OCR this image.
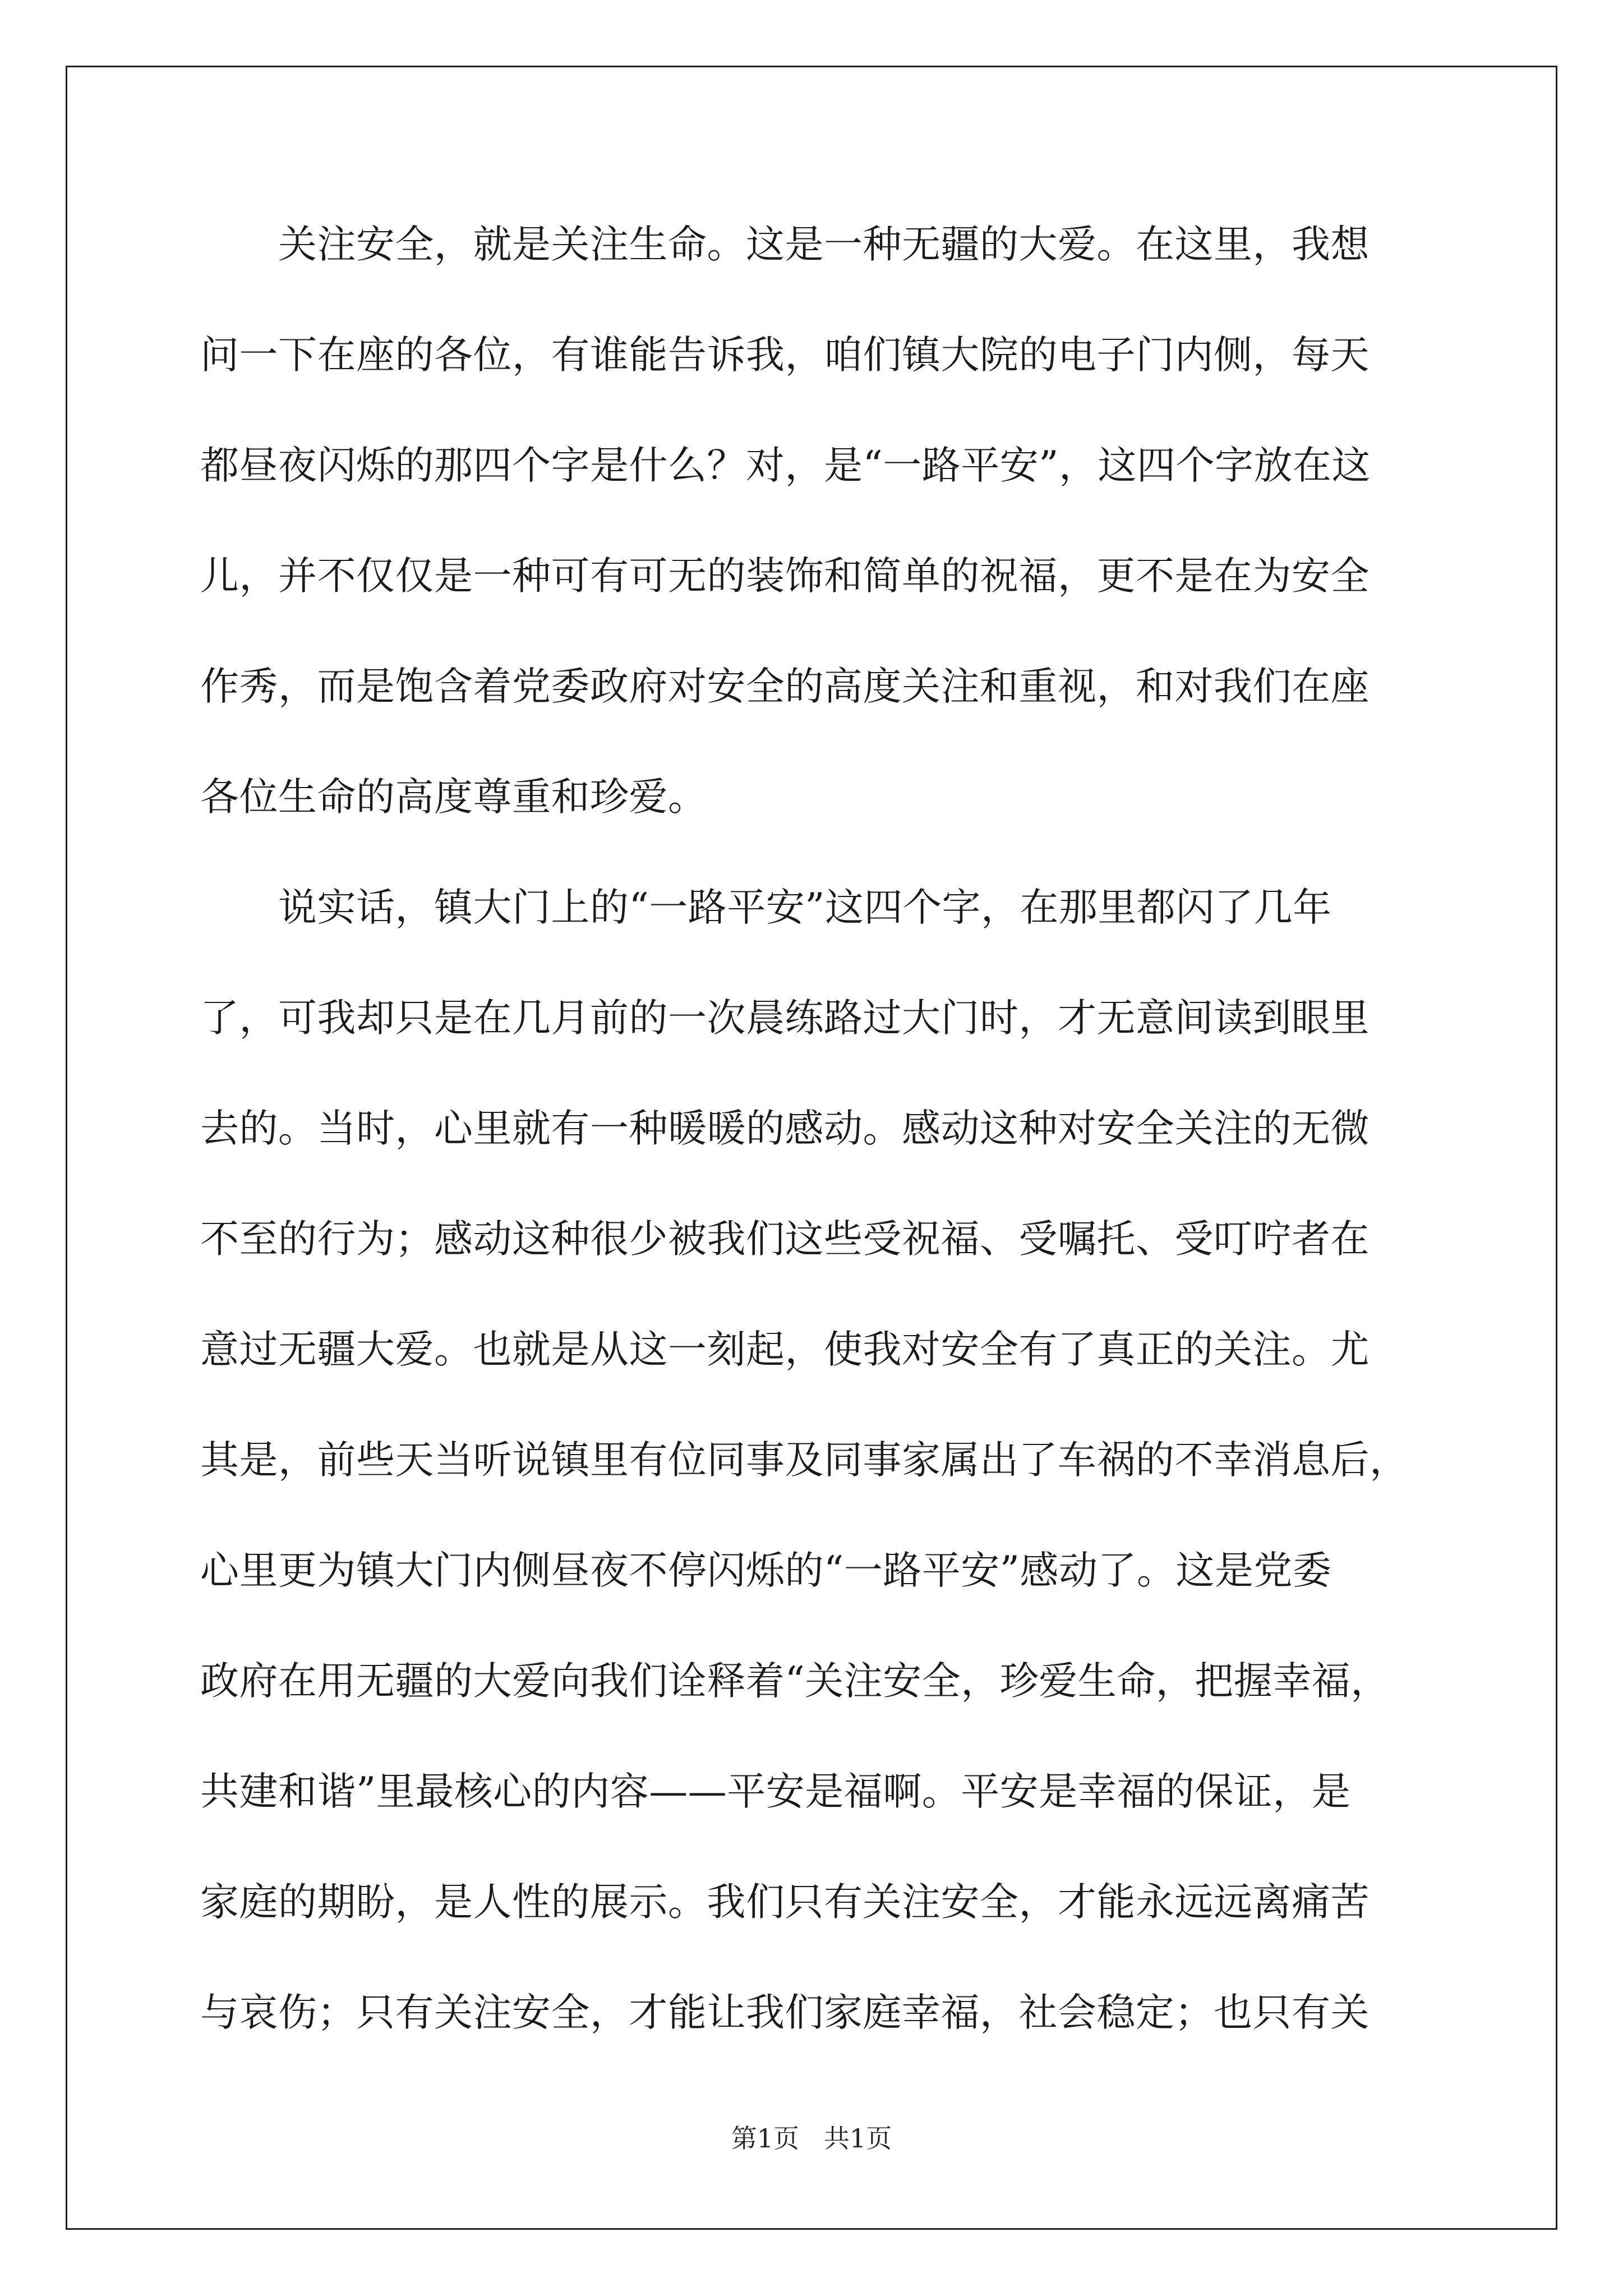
　　关注安全，就是关注生命。这是一种无疆的大爱。在这里，我想
问一下在座的各位，有谁能告诉我，咱们镇大院的电子门内侧，每天
都昼夜闪烁的那四个字是什么？对，是“一路平安”，这四个字放在这
儿，并不仅仅是一种可有可无的装饰和简单的祝福，更不是在为安全
作秀，而是饱含着党委政府对安全的高度关注和重视，和对我们在座
各位生命的高度尊重和珍爱。
　　说实话，镇大门上的“一路平安”这四个字，在那里都闪了几年
了，可我却只是在几月前的一次晨练路过大门时，才无意间读到眼里
去的。当时，心里就有一种暖暖的感动。感动这种对安全关注的无微
不至的行为；感动这种很少被我们这些受祝福、受嘱托、受叮咛者在
意过无疆大爱。也就是从这一刻起，使我对安全有了真正的关注。尤
其是，前些天当听说镇里有位同事及同事家属出了车祸的不幸消息后，
心里更为镇大门内侧昼夜不停闪烁的“一路平安”感动了。这是党委
政府在用无疆的大爱向我们诠释着“关注安全，珍爱生命，把握幸福，
共建和谐”里最核心的内容——平安是福啊。平安是幸福的保证，是
家庭的期盼，是人性的展示。我们只有关注安全，才能永远远离痛苦
与哀伤；只有关注安全，才能让我们家庭幸福，社会稳定；也只有关
第1页 共1页
